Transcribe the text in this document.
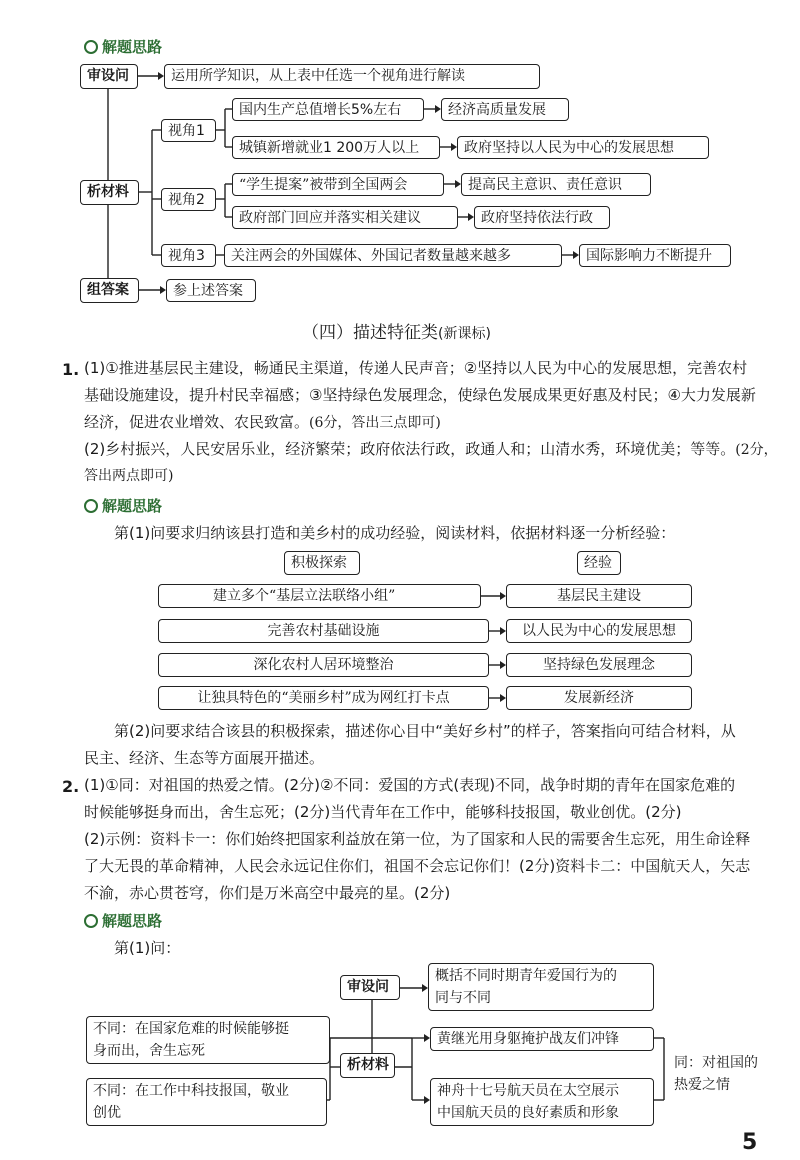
解题思路
审设问	运用所学知识，从上表中任选一个视角进行解读
析材料
视角1
国内生产总值增长5%左右	经济高质量发展
城镇新增就业1 200万人以上	政府坚持以人民为中心的发展思想
视角2
“学生提案”被带到全国两会	提高民主意识、责任意识
政府部门回应并落实相关建议	政府坚持依法行政
视角3	关注两会的外国媒体、外国记者数量越来越多	国际影响力不断提升
组答案	参上述答案
（四）描述特征类(新课标)
1. (1)①推进基层民主建设，畅通民主渠道，传递人民声音；②坚持以人民为中心的发展思想，完善农村
基础设施建设，提升村民幸福感；③坚持绿色发展理念，使绿色发展成果更好惠及村民；④大力发展新
经济，促进农业增效、农民致富。(6分，答出三点即可)
(2)乡村振兴，人民安居乐业，经济繁荣；政府依法行政，政通人和；山清水秀，环境优美；等等。(2分，
答出两点即可)
解题思路
第(1)问要求归纳该县打造和美乡村的成功经验，阅读材料，依据材料逐一分析经验：
积极探索	经验
建立多个“基层立法联络小组”	基层民主建设
完善农村基础设施	以人民为中心的发展思想
深化农村人居环境整治	坚持绿色发展理念
让独具特色的“美丽乡村”成为网红打卡点	发展新经济
第(2)问要求结合该县的积极探索，描述你心目中“美好乡村”的样子，答案指向可结合材料，从
民主、经济、生态等方面展开描述。
2. (1)①同：对祖国的热爱之情。(2分)②不同：爱国的方式(表现)不同，战争时期的青年在国家危难的
时候能够挺身而出，舍生忘死；(2分)当代青年在工作中，能够科技报国，敬业创优。(2分)
(2)示例：资料卡一：你们始终把国家利益放在第一位，为了国家和人民的需要舍生忘死，用生命诠释
了大无畏的革命精神，人民会永远记住你们，祖国不会忘记你们！(2分)资料卡二：中国航天人，矢志
不渝，赤心贯苍穹，你们是万米高空中最亮的星。(2分)
解题思路
第(1)问：
审设问
概括不同时期青年爱国行为的
同与不同
析材料
不同：在国家危难的时候能够挺
身而出，舍生忘死
不同：在工作中科技报国，敬业
创优
黄继光用身躯掩护战友们冲锋
神舟十七号航天员在太空展示
中国航天员的良好素质和形象
同：对祖国的
热爱之情
5
